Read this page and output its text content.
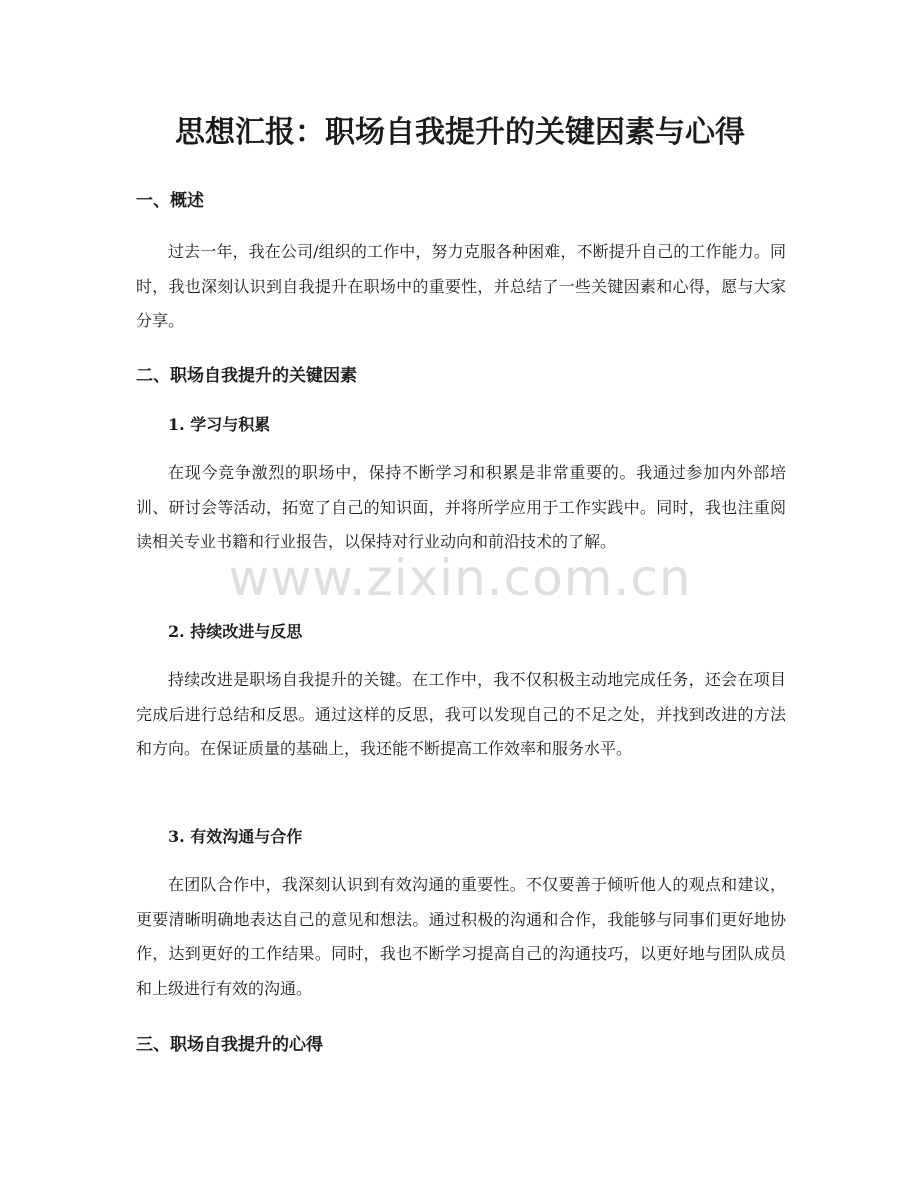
思想汇报：职场自我提升的关键因素与心得
一、概述

过去一年，我在公司/组织的工作中，努力克服各种困难，不断提升自己的工作能力。同时，我也深刻认识到自我提升在职场中的重要性，并总结了一些关键因素和心得，愿与大家分享。

二、职场自我提升的关键因素
1. 学习与积累

在现今竞争激烈的职场中，保持不断学习和积累是非常重要的。我通过参加内外部培训、研讨会等活动，拓宽了自己的知识面，并将所学应用于工作实践中。同时，我也注重阅读相关专业书籍和行业报告，以保持对行业动向和前沿技术的了解。

2. 持续改进与反思

持续改进是职场自我提升的关键。在工作中，我不仅积极主动地完成任务，还会在项目完成后进行总结和反思。通过这样的反思，我可以发现自己的不足之处，并找到改进的方法和方向。在保证质量的基础上，我还能不断提高工作效率和服务水平。

3. 有效沟通与合作

在团队合作中，我深刻认识到有效沟通的重要性。不仅要善于倾听他人的观点和建议，更要清晰明确地表达自己的意见和想法。通过积极的沟通和合作，我能够与同事们更好地协作，达到更好的工作结果。同时，我也不断学习提高自己的沟通技巧，以更好地与团队成员和上级进行有效的沟通。

三、职场自我提升的心得
www.zixin.com.cn
